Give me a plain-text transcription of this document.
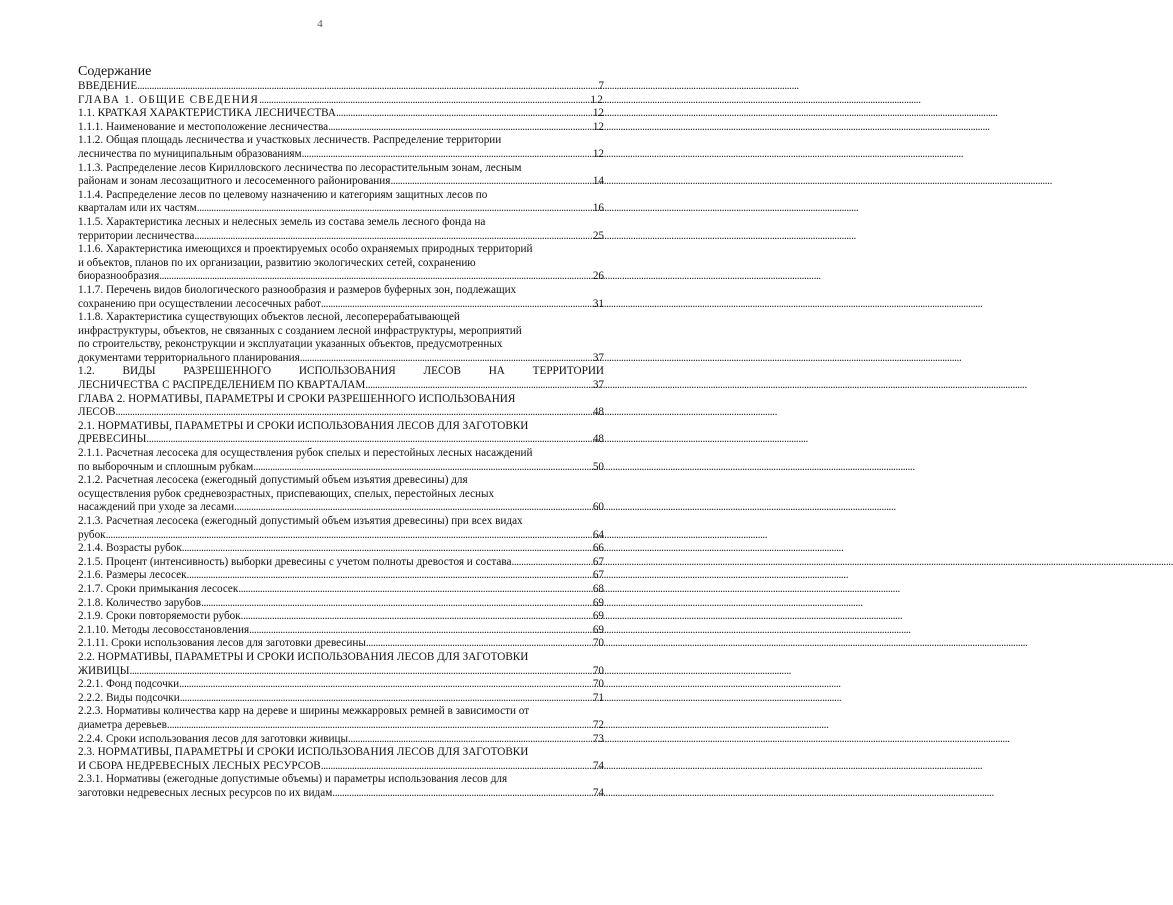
4
Содержание
ВВЕДЕНИЕ .....	7
ГЛАВА 1. ОБЩИЕ СВЕДЕНИЯ .....	12
1.1. КРАТКАЯ ХАРАКТЕРИСТИКА ЛЕСНИЧЕСТВА .....	12
1.1.1. Наименование и местоположение лесничества .....	12
1.1.2. Общая площадь лесничества и участковых лесничеств. Распределение территории
лесничества по муниципальным образованиям .....	12
1.1.3. Распределение лесов Кирилловского лесничества по лесорастительным зонам, лесным
районам и зонам лесозащитного и лесосеменного районирования .....	14
1.1.4. Распределение лесов по целевому назначению и категориям защитных лесов по
кварталам или их частям .....	16
1.1.5. Характеристика лесных и нелесных земель из состава земель лесного фонда на
территории лесничества .....	25
1.1.6. Характеристика имеющихся и проектируемых особо охраняемых природных территорий
и объектов, планов по их организации, развитию экологических сетей, сохранению
биоразнообразия .....	26
1.1.7. Перечень видов биологического разнообразия и размеров буферных зон, подлежащих
сохранению при осуществлении лесосечных работ .....	31
1.1.8. Характеристика существующих объектов лесной, лесоперерабатывающей
инфраструктуры, объектов, не связанных с созданием лесной инфраструктуры, мероприятий
по строительству, реконструкции и эксплуатации указанных объектов, предусмотренных
документами территориального планирования .....	37
1.2. ВИДЫ РАЗРЕШЕННОГО ИСПОЛЬЗОВАНИЯ ЛЕСОВ НА ТЕРРИТОРИИ
ЛЕСНИЧЕСТВА С РАСПРЕДЕЛЕНИЕМ ПО КВАРТАЛАМ .....	37
ГЛАВА 2. НОРМАТИВЫ, ПАРАМЕТРЫ И СРОКИ РАЗРЕШЕННОГО ИСПОЛЬЗОВАНИЯ
ЛЕСОВ .....	48
2.1. НОРМАТИВЫ, ПАРАМЕТРЫ И СРОКИ ИСПОЛЬЗОВАНИЯ ЛЕСОВ ДЛЯ ЗАГОТОВКИ
ДРЕВЕСИНЫ .....	48
2.1.1. Расчетная лесосека для осуществления рубок спелых и перестойных лесных насаждений
по выборочным и сплошным рубкам .....	50
2.1.2. Расчетная лесосека (ежегодный допустимый объем изъятия древесины) для
осуществления рубок средневозрастных, приспевающих, спелых, перестойных лесных
насаждений при уходе за лесами .....	60
2.1.3. Расчетная лесосека (ежегодный допустимый объем изъятия древесины) при всех видах
рубок .....	64
2.1.4. Возрасты рубок .....	66
2.1.5. Процент (интенсивность) выборки древесины с учетом полноты древостоя и состава .....	67
2.1.6. Размеры лесосек .....	67
2.1.7. Сроки примыкания лесосек .....	68
2.1.8. Количество зарубов .....	69
2.1.9. Сроки повторяемости рубок .....	69
2.1.10. Методы лесовосстановления .....	69
2.1.11. Сроки использования лесов для заготовки древесины .....	70
2.2. НОРМАТИВЫ, ПАРАМЕТРЫ И СРОКИ ИСПОЛЬЗОВАНИЯ ЛЕСОВ ДЛЯ ЗАГОТОВКИ
ЖИВИЦЫ .....	70
2.2.1. Фонд подсочки .....	70
2.2.2. Виды подсочки .....	71
2.2.3. Нормативы количества карр на дереве и ширины межкарровых ремней в зависимости от
диаметра деревьев .....	72
2.2.4. Сроки использования лесов для заготовки живицы .....	73
2.3. НОРМАТИВЫ, ПАРАМЕТРЫ И СРОКИ ИСПОЛЬЗОВАНИЯ ЛЕСОВ ДЛЯ ЗАГОТОВКИ
И СБОРА НЕДРЕВЕСНЫХ ЛЕСНЫХ РЕСУРСОВ .....	74
2.3.1. Нормативы (ежегодные допустимые объемы) и параметры использования лесов для
заготовки недревесных лесных ресурсов по их видам .....	74
